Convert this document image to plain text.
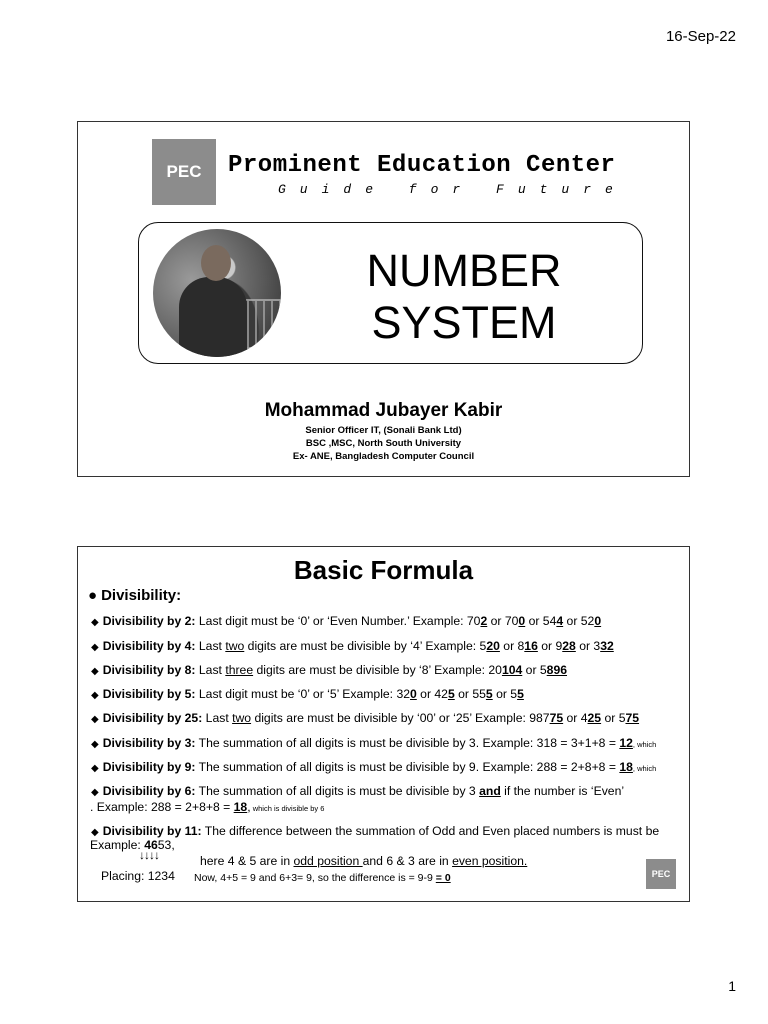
16-Sep-22
PEC	Prominent Education Center
Guide for Future
NUMBER
SYSTEM
Mohammad Jubayer Kabir
Senior Officer IT, (Sonali Bank Ltd)
BSC ,MSC, North South University
Ex- ANE, Bangladesh Computer Council
Basic Formula
● Divisibility:
◆ Divisibility by 2: Last digit must be ‘0’ or ‘Even Number.’ Example: 702 or 700 or 544 or 520
◆ Divisibility by 4: Last two digits are must be divisible by ‘4’ Example: 520 or 816 or 928 or 332
◆ Divisibility by 8: Last three digits are must be divisible by ‘8’ Example: 20104 or 5896
◆ Divisibility by 5: Last digit must be ‘0’ or ‘5’ Example: 320 or 425 or 555 or 55
◆ Divisibility by 25: Last two digits are must be divisible by ‘00’ or ‘25’ Example: 98775 or 425 or 575
◆ Divisibility by 3: The summation of all digits is must be divisible by 3. Example: 318 = 3+1+8 = 12, which
◆ Divisibility by 9: The summation of all digits is must be divisible by 9. Example: 288 = 2+8+8 = 18, which
◆ Divisibility by 6: The summation of all digits is must be divisible by 3 and if the number is ‘Even’
. Example: 288 = 2+8+8 = 18, which is divisible by 6
◆ Divisibility by 11: The difference between the summation of Odd and Even placed numbers is must be
Example: 4653,
↓↓↓↓	here 4 & 5 are in odd position and 6 & 3 are in even position.
Placing: 1234 Now, 4+5 = 9 and 6+3= 9, so the difference is = 9-9 = 0	PEC
1
